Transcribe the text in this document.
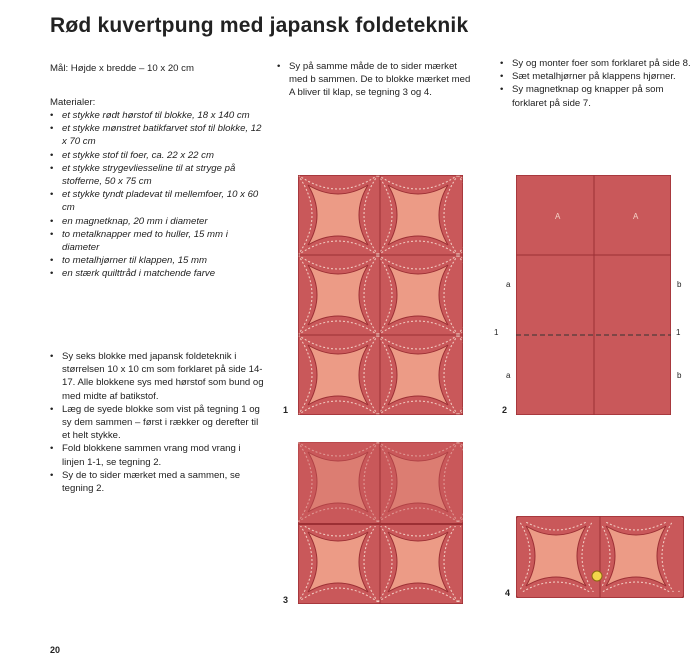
Rød kuvertpung med japansk foldeteknik
Mål: Højde x bredde – 10 x 20 cm
Materialer:
• et stykke rødt hørstof til blokke, 18 x 140 cm
• et stykke mønstret batikfarvet stof til blokke, 12 x 70 cm
• et stykke stof til foer, ca. 22 x 22 cm
• et stykke strygevliesseline til at stryge på stofferne, 50 x 75 cm
• et stykke tyndt pladevat til mellemfoer, 10 x 60 cm
• en magnetknap, 20 mm i diameter
• to metalknapper med to huller, 15 mm i diameter
• to metalhjørner til klappen, 15 mm
• en stærk quilttråd i matchende farve
• Sy seks blokke med japansk foldeteknik i størrelsen 10 x 10 cm som forklaret på side 14-17. Alle blokkene sys med hørstof som bund og med midte af batikstof.
• Læg de syede blokke som vist på tegning 1 og sy dem sammen – først i rækker og derefter til et helt stykke.
• Fold blokkene sammen vrang mod vrang i linjen 1-1, se tegning 2.
• Sy de to sider mærket med a sammen, se tegning 2.
• Sy på samme måde de to sider mærket med b sammen. De to blokke mærket med A bliver til klap, se tegning 3 og 4.
• Sy og monter foer som forklaret på side 8.
• Sæt metalhjørner på klappens hjørner.
• Sy magnetknap og knapper på som forklaret på side 7.
1
A	A
a	b
1	1
a	b
2
3
4
20
